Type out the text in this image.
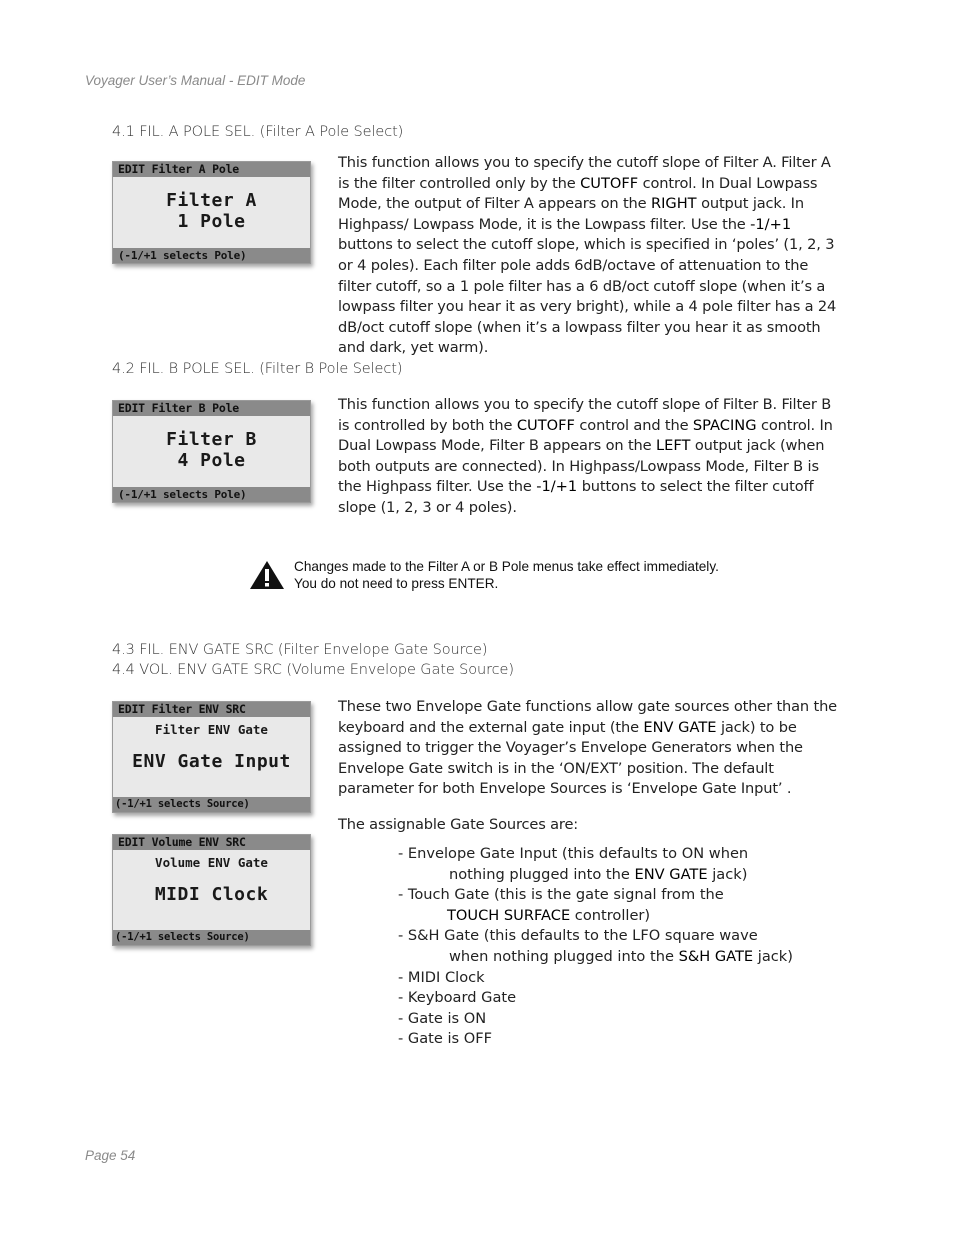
Voyager User’s Manual - EDIT Mode
4.1 FIL. A POLE SEL. (Filter A Pole Select)
EDIT Filter A Pole
Filter A
1 Pole
(-1/+1 selects Pole)
This function allows you to specify the cutoff slope of Filter A. Filter A is the filter controlled only by the CUTOFF control. In Dual Lowpass Mode, the output of Filter A appears on the RIGHT output jack. In Highpass/ Lowpass Mode, it is the Lowpass filter. Use the -1/+1 buttons to select the cutoff slope, which is specified in ‘poles’ (1, 2, 3 or 4 poles). Each filter pole adds 6dB/octave of attenuation to the filter cutoff, so a 1 pole filter has a 6 dB/oct cutoff slope (when it’s a lowpass filter you hear it as very bright), while a 4 pole filter has a 24 dB/oct cutoff slope (when it’s a lowpass filter you hear it as smooth and dark, yet warm).
4.2 FIL. B POLE SEL. (Filter B Pole Select)
EDIT Filter B Pole
Filter B
4 Pole
(-1/+1 selects Pole)
This function allows you to specify the cutoff slope of Filter B. Filter B is controlled by both the CUTOFF control and the SPACING control. In Dual Lowpass Mode, Filter B appears on the LEFT output jack (when both outputs are connected). In Highpass/Lowpass Mode, Filter B is the Highpass filter. Use the -1/+1 buttons to select the filter cutoff slope (1, 2, 3 or 4 poles).
Changes made to the Filter A or B Pole menus take effect immediately.
You do not need to press ENTER.
4.3 FIL. ENV GATE SRC (Filter Envelope Gate Source)
4.4 VOL. ENV GATE SRC (Volume Envelope Gate Source)
EDIT Filter ENV SRC
Filter ENV Gate
ENV Gate Input
(-1/+1 selects Source)
EDIT Volume ENV SRC
Volume ENV Gate
MIDI Clock
(-1/+1 selects Source)
These two Envelope Gate functions allow gate sources other than the keyboard and the external gate input (the ENV GATE jack) to be assigned to trigger the Voyager’s Envelope Generators when the Envelope Gate switch is in the ‘ON/EXT’ position. The default parameter for both Envelope Sources is ‘Envelope Gate Input’ .
The assignable Gate Sources are:
- Envelope Gate Input (this defaults to ON when
nothing plugged into the ENV GATE jack)
- Touch Gate (this is the gate signal from the
TOUCH SURFACE controller)
- S&H Gate (this defaults to the LFO square wave
when nothing plugged into the S&H GATE jack)
- MIDI Clock
- Keyboard Gate
- Gate is ON
- Gate is OFF
Page 54
